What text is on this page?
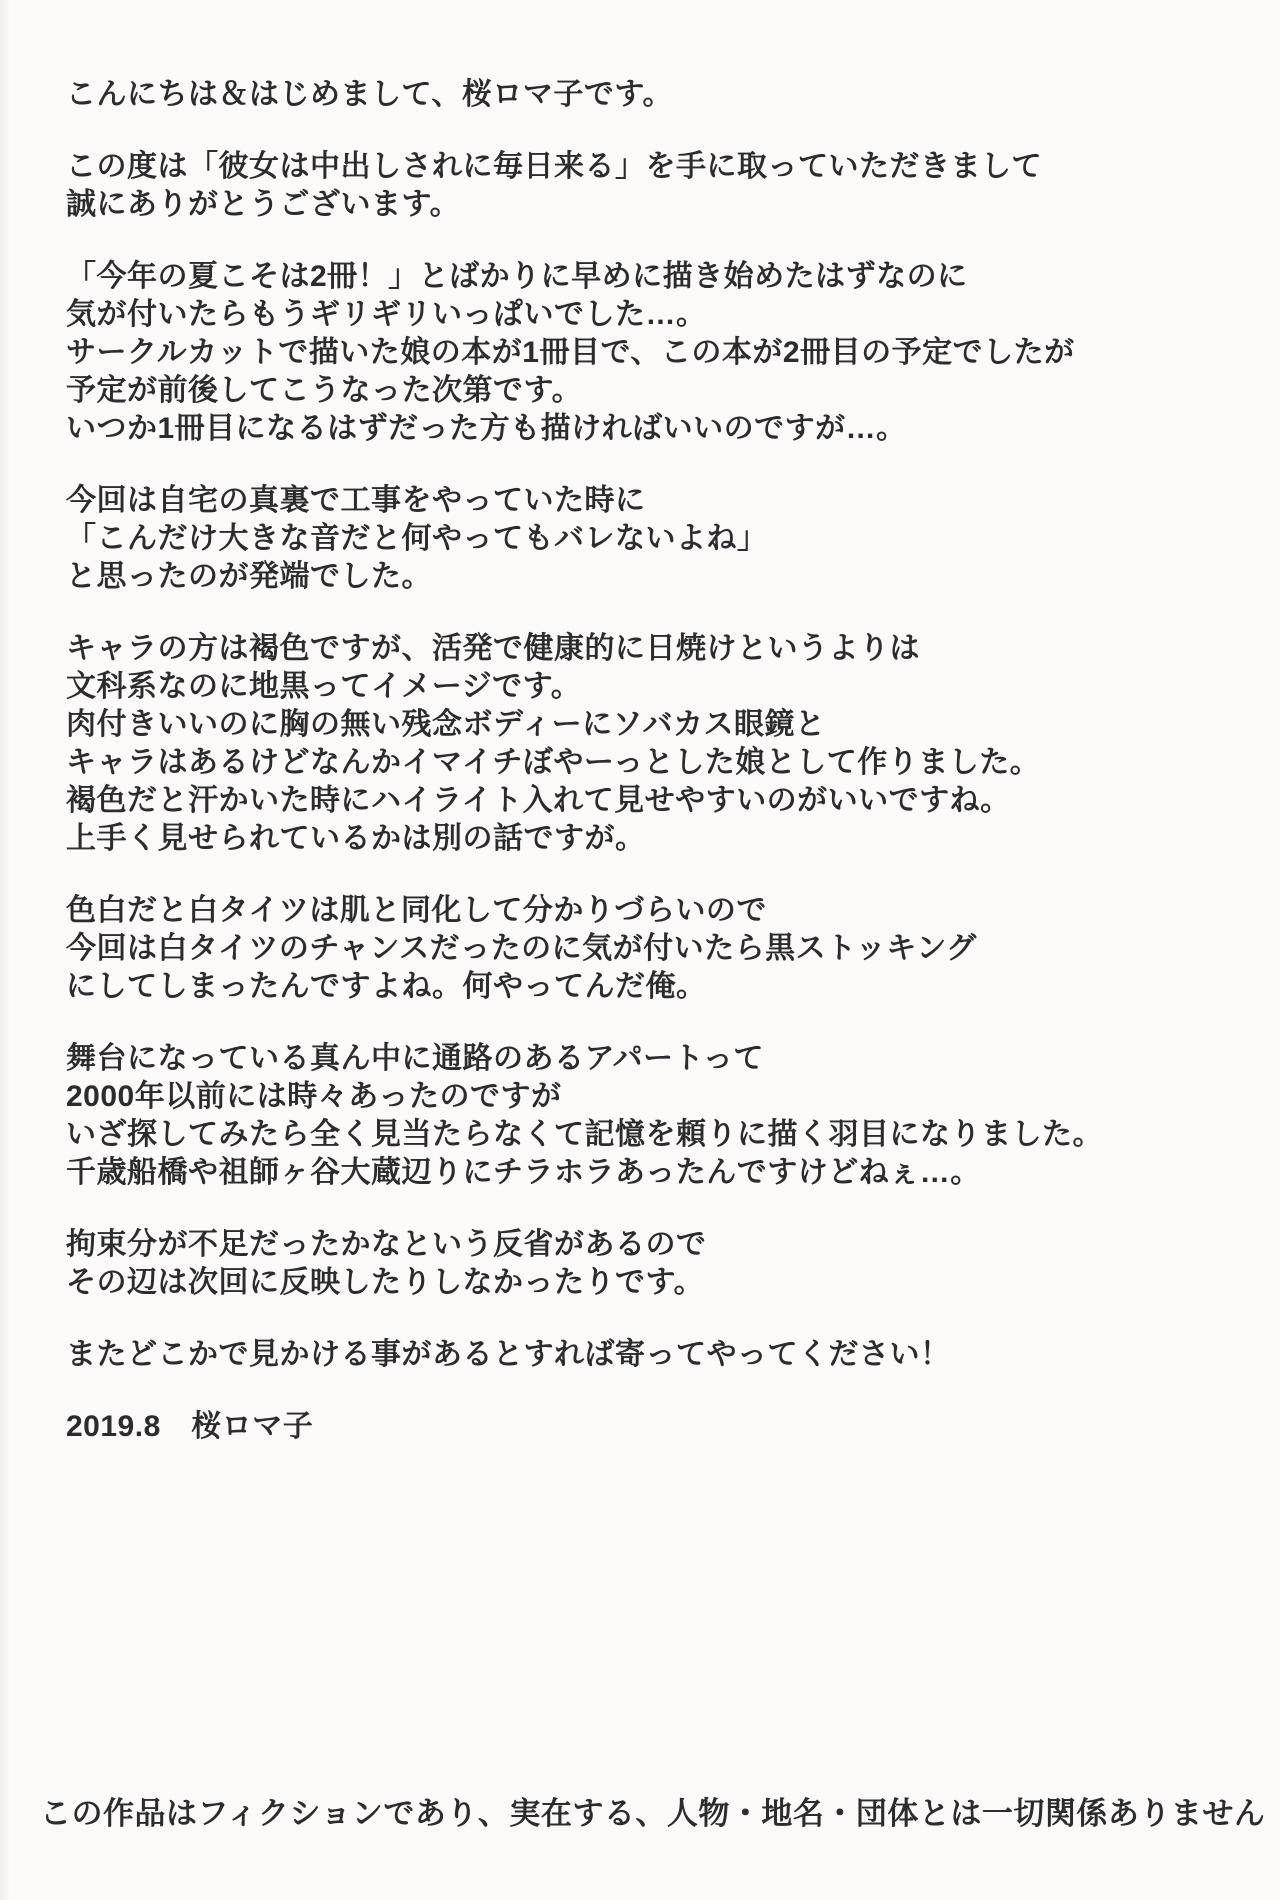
こんにちは＆はじめまして、桜ロマ子です。
この度は「彼女は中出しされに毎日来る」を手に取っていただきまして
誠にありがとうございます。
「今年の夏こそは2冊！」とばかりに早めに描き始めたはずなのに
気が付いたらもうギリギリいっぱいでした…。
サークルカットで描いた娘の本が1冊目で、この本が2冊目の予定でしたが
予定が前後してこうなった次第です。
いつか1冊目になるはずだった方も描ければいいのですが…。
今回は自宅の真裏で工事をやっていた時に
「こんだけ大きな音だと何やってもバレないよね」
と思ったのが発端でした。
キャラの方は褐色ですが、活発で健康的に日焼けというよりは
文科系なのに地黒ってイメージです。
肉付きいいのに胸の無い残念ボディーにソバカス眼鏡と
キャラはあるけどなんかイマイチぼやーっとした娘として作りました。
褐色だと汗かいた時にハイライト入れて見せやすいのがいいですね。
上手く見せられているかは別の話ですが。
色白だと白タイツは肌と同化して分かりづらいので
今回は白タイツのチャンスだったのに気が付いたら黒ストッキング
にしてしまったんですよね。何やってんだ俺。
舞台になっている真ん中に通路のあるアパートって
2000年以前には時々あったのですが
いざ探してみたら全く見当たらなくて記憶を頼りに描く羽目になりました。
千歳船橋や祖師ヶ谷大蔵辺りにチラホラあったんですけどねぇ…。
拘束分が不足だったかなという反省があるので
その辺は次回に反映したりしなかったりです。
またどこかで見かける事があるとすれば寄ってやってください！
2019.8　桜ロマ子
この作品はフィクションであり、実在する、人物・地名・団体とは一切関係ありません
